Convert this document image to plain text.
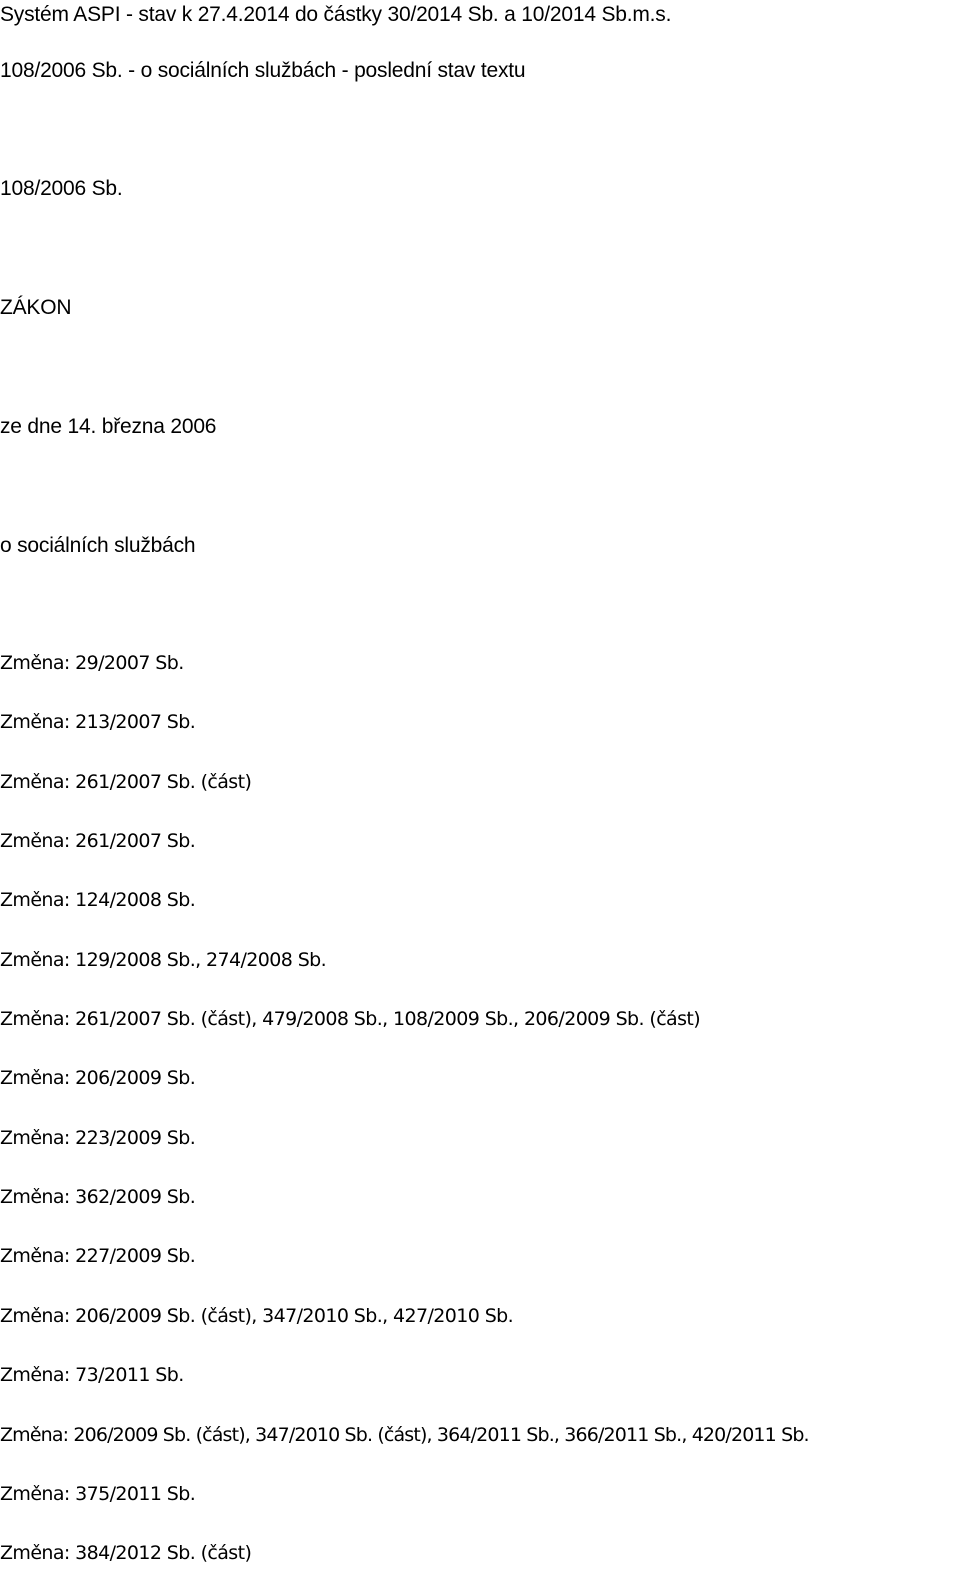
Systém ASPI - stav k 27.4.2014 do částky 30/2014 Sb. a 10/2014 Sb.m.s.
108/2006 Sb. - o sociálních službách - poslední stav textu
108/2006 Sb.
ZÁKON
ze dne 14. března 2006
o sociálních službách
Změna: 29/2007 Sb.
Změna: 213/2007 Sb.
Změna: 261/2007 Sb. (část)
Změna: 261/2007 Sb.
Změna: 124/2008 Sb.
Změna: 129/2008 Sb., 274/2008 Sb.
Změna: 261/2007 Sb. (část), 479/2008 Sb., 108/2009 Sb., 206/2009 Sb. (část)
Změna: 206/2009 Sb.
Změna: 223/2009 Sb.
Změna: 362/2009 Sb.
Změna: 227/2009 Sb.
Změna: 206/2009 Sb. (část), 347/2010 Sb., 427/2010 Sb.
Změna: 73/2011 Sb.
Změna: 206/2009 Sb. (část), 347/2010 Sb. (část), 364/2011 Sb., 366/2011 Sb., 420/2011 Sb.
Změna: 375/2011 Sb.
Změna: 384/2012 Sb. (část)
